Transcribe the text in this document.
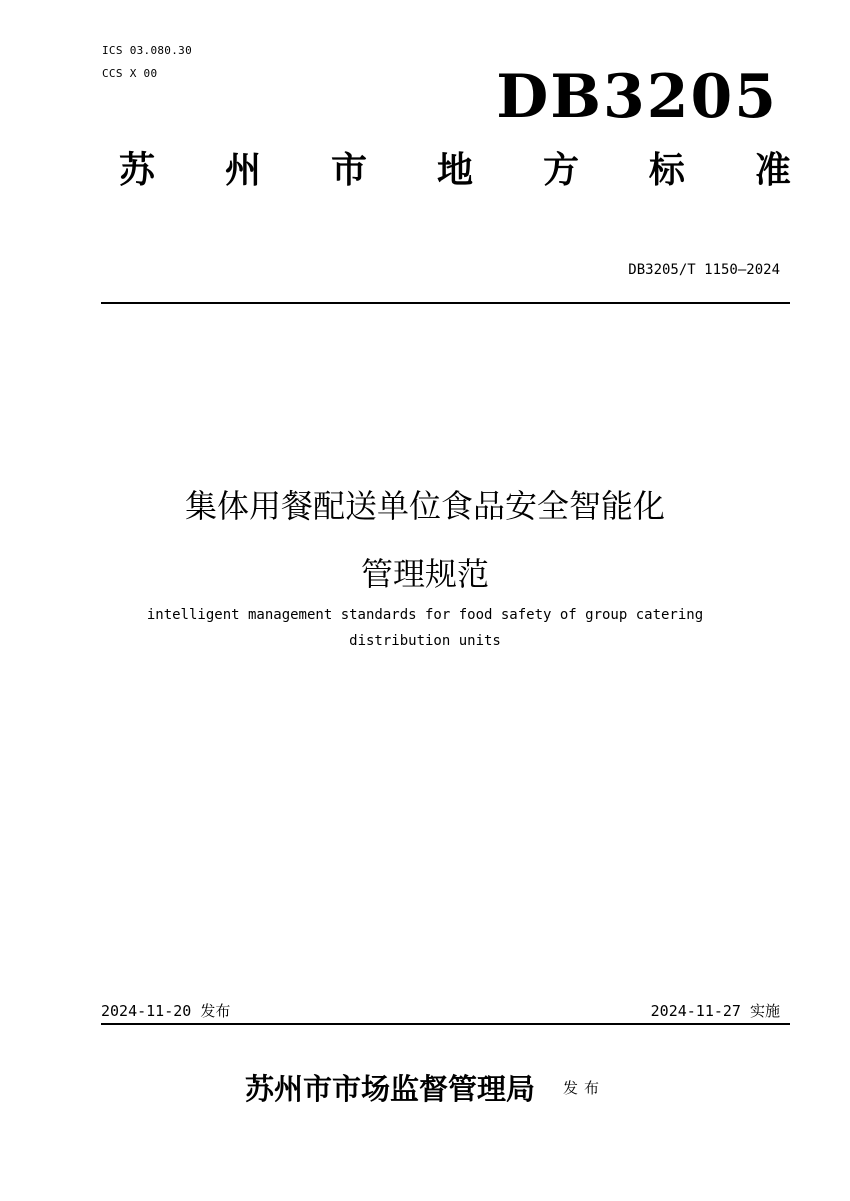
ICS 03.080.30
CCS X 00	DB3205
苏 州 市 地 方 标 准
DB3205/T 1150—2024
集体用餐配送单位食品安全智能化
管理规范
intelligent management standards for food safety of group catering
distribution units
2024-11-20 发布	2024-11-27 实施
苏州市市场监督管理局 发布
